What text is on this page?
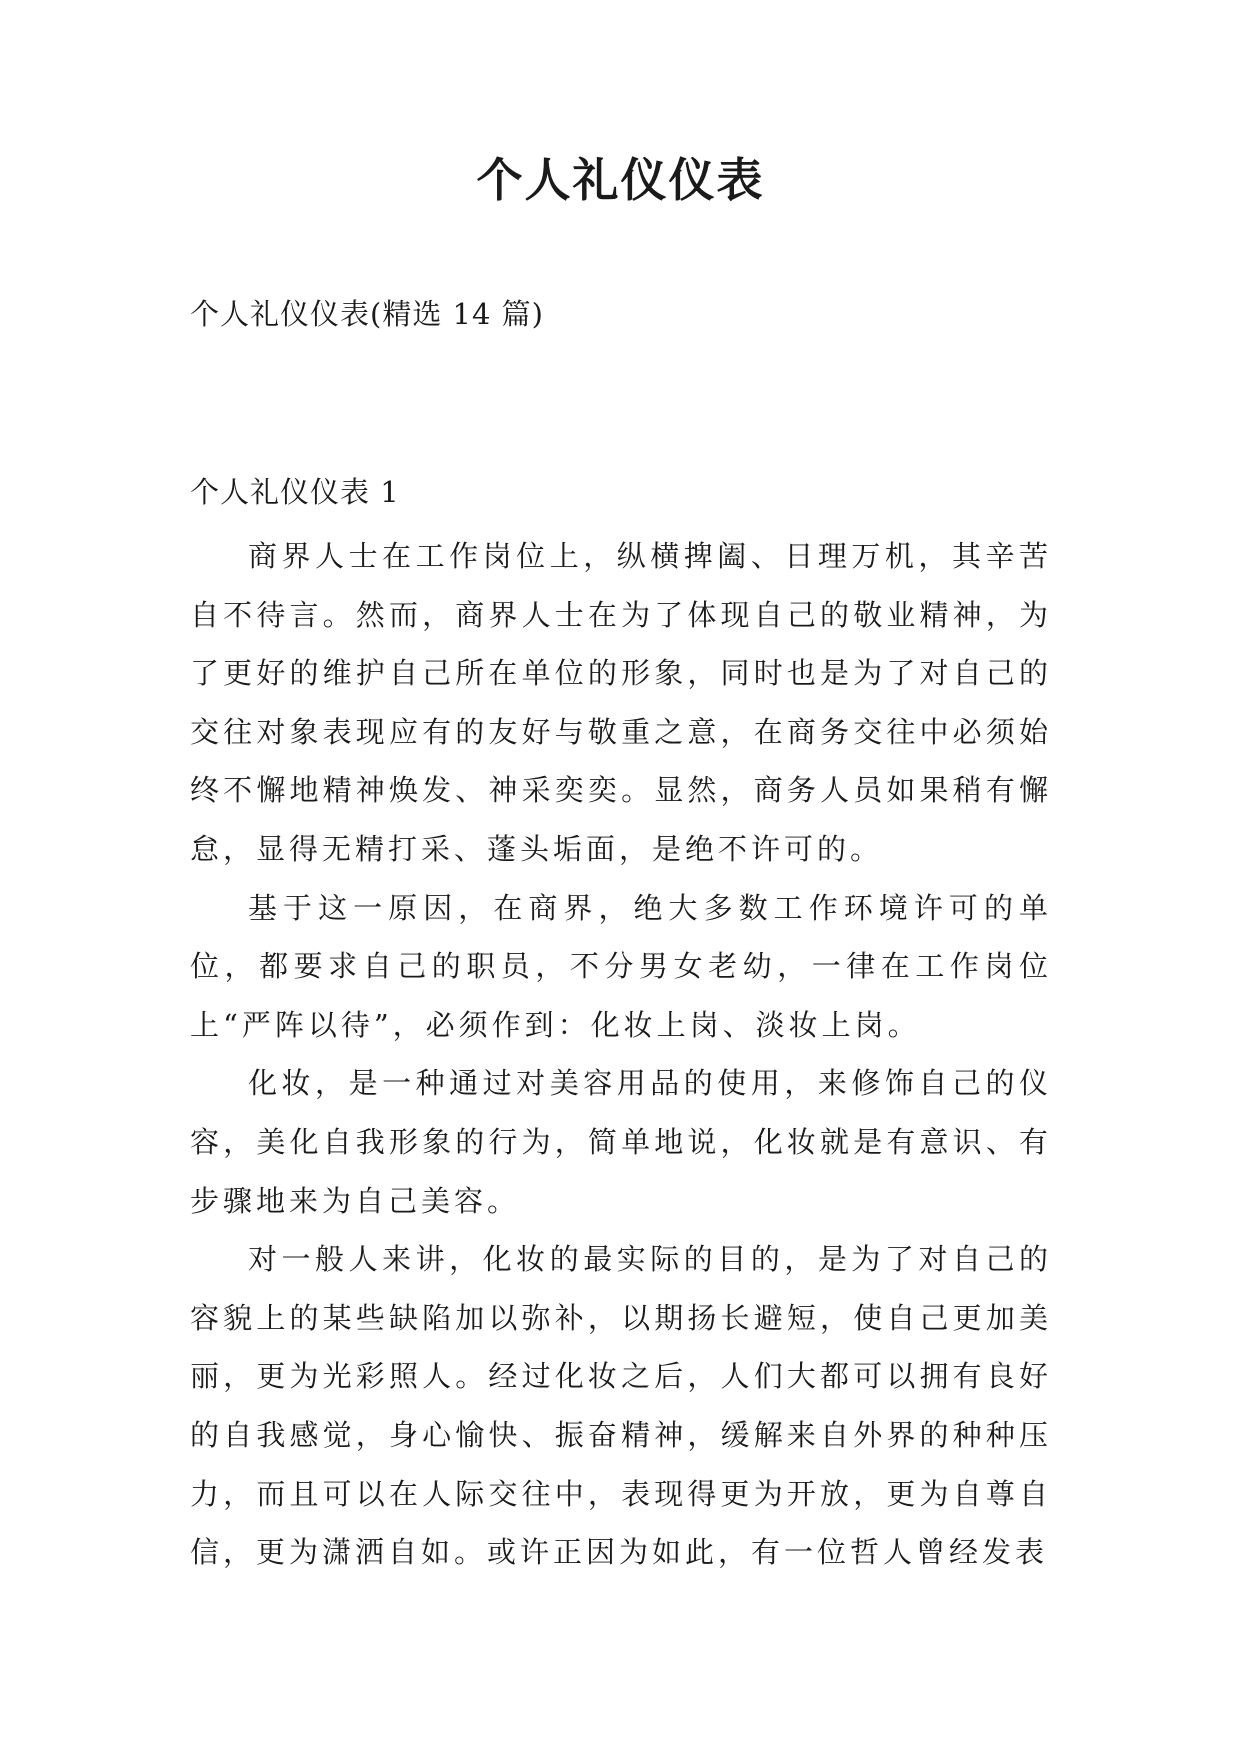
个人礼仪仪表

个人礼仪仪表(精选 14 篇)

个人礼仪仪表 1

商界人士在工作岗位上，纵横捭阖、日理万机，其辛苦自不待言。然而，商界人士在为了体现自己的敬业精神，为了更好的维护自己所在单位的形象，同时也是为了对自己的交往对象表现应有的友好与敬重之意，在商务交往中必须始终不懈地精神焕发、神采奕奕。显然，商务人员如果稍有懈怠，显得无精打采、蓬头垢面，是绝不许可的。

基于这一原因，在商界，绝大多数工作环境许可的单位，都要求自己的职员，不分男女老幼，一律在工作岗位上“严阵以待”，必须作到：化妆上岗、淡妆上岗。

化妆，是一种通过对美容用品的使用，来修饰自己的仪容，美化自我形象的行为，简单地说，化妆就是有意识、有步骤地来为自己美容。

对一般人来讲，化妆的最实际的目的，是为了对自己的容貌上的某些缺陷加以弥补，以期扬长避短，使自己更加美丽，更为光彩照人。经过化妆之后，人们大都可以拥有良好的自我感觉，身心愉快、振奋精神，缓解来自外界的种种压力，而且可以在人际交往中，表现得更为开放，更为自尊自信，更为潇洒自如。或许正因为如此，有一位哲人曾经发表
